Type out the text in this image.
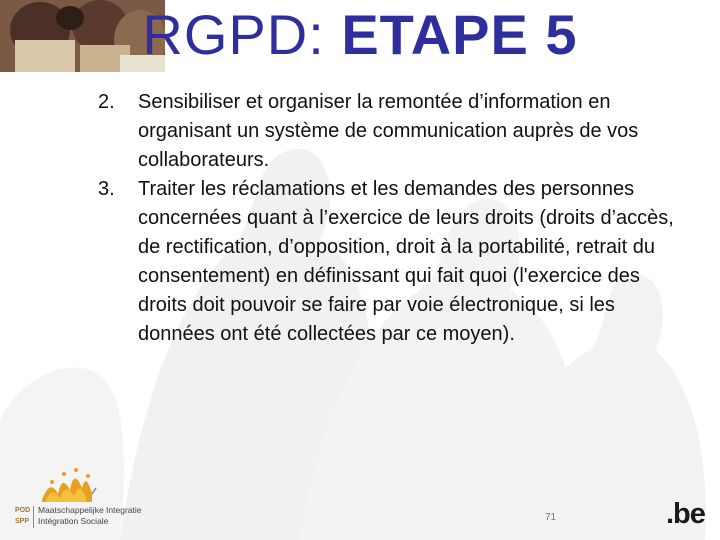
RGPD: ETAPE 5
2. Sensibiliser et organiser la remontée d’information en organisant un système de communication auprès de vos collaborateurs.
3. Traiter les réclamations et les demandes des personnes concernées quant à l’exercice de leurs droits (droits d’accès, de rectification, d’opposition, droit à la portabilité, retrait du consentement) en définissant qui fait quoi (l'exercice des droits doit pouvoir se faire par voie électronique, si les données ont été collectées par ce moyen).
POD
SPP
Maatschappelijke Integratie
Intégration Sociale	71	.be
